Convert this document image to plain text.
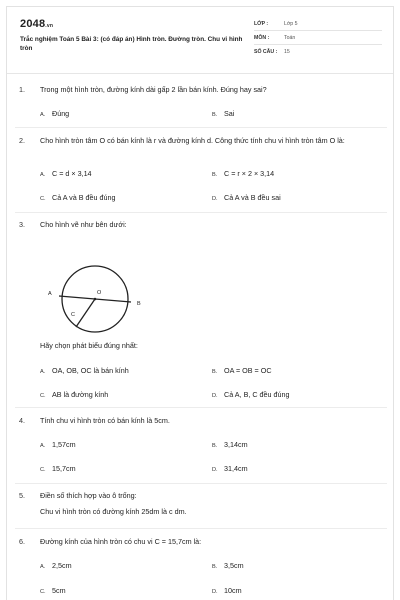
2048.vn
Trắc nghiệm Toán 5 Bài 3: (có đáp án) Hình tròn. Đường tròn. Chu vi hình tròn
LỚP :	Lớp 5
MÔN :	Toán
SỐ CÂU : 15
1.	Trong một hình tròn, đường kính dài gấp 2 lần bán kính. Đúng hay sai?
A. Đúng	B. Sai
2.	Cho hình tròn tâm O có bán kính là r và đường kính d. Công thức tính chu vi hình tròn tâm O là:
A. C = d × 3,14	B. C = r × 2 × 3,14
C. Cả A và B đều đúng	D. Cả A và B đều sai
3.	Cho hình vẽ như bên dưới:
A	O
B
C
Hãy chọn phát biểu đúng nhất:
A. OA, OB, OC là bán kính	B. OA = OB = OC
C. AB là đường kính	D. Cả A, B, C đều đúng
4.	Tính chu vi hình tròn có bán kính là 5cm.
A. 1,57cm	B. 3,14cm
C. 15,7cm	D. 31,4cm
5.	Điền số thích hợp vào ô trống:
Chu vi hình tròn có đường kính 25dm là c dm.
6.	Đường kính của hình tròn có chu vi C = 15,7cm là:
A. 2,5cm	B. 3,5cm
C. 5cm	D. 10cm
